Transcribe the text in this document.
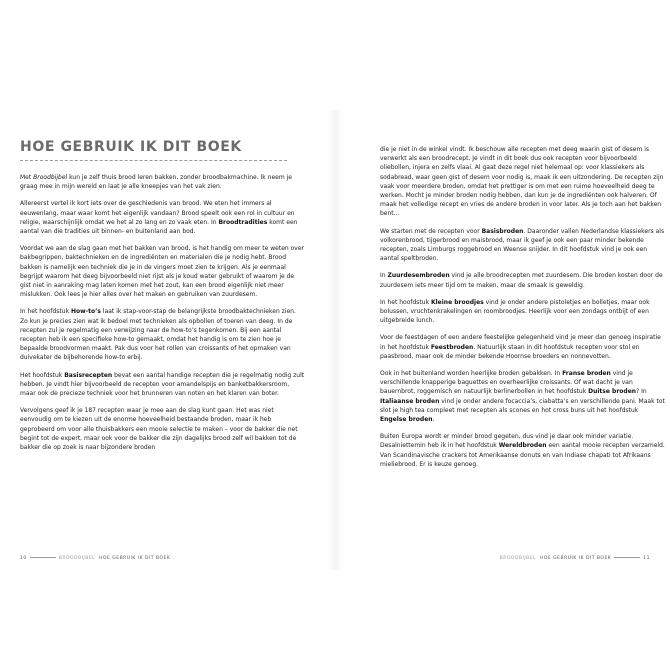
HOE GEBRUIK IK DIT BOEK

Met Broodbijbel kun je zelf thuis brood leren bakken, zonder broodbakmachine. Ik neem je graag mee in mijn wereld en laat je alle kneepjes van het vak zien.

Allereerst vertel ik kort iets over de geschiedenis van brood. We eten het immers al eeuwenlang, maar waar komt het eigenlijk vandaan? Brood speelt ook een rol in cultuur en religie, waarschijnlijk omdat we het al zo lang en zo vaak eten. In Broodtradities komt een aantal van die tradities uit binnen- en buitenland aan bod.

Voordat we aan de slag gaan met het bakken van brood, is het handig om meer te weten over bakbegrippen, baktechnieken en de ingrediënten en materialen die je nodig hebt. Brood bakken is namelijk een techniek die je in de vingers moet zien te krijgen. Als je eenmaal begrijpt waarom het deeg bijvoorbeeld niet rijst als je koud water gebruikt of waarom je de gist niet in aanraking mag laten komen met het zout, kan een brood eigenlijk niet meer mislukken. Ook lees je hier alles over het maken en gebruiken van zuurdesem.

In het hoofdstuk How-to’s laat ik stap-voor-stap de belangrijkste broodbaktechnieken zien. Zo kun je precies zien wat ik bedoel met technieken als opbollen of toeren van deeg. In de recepten zul je regelmatig een verwijzing naar de how-to’s tegenkomen. Bij een aantal recepten heb ik een specifieke how-to gemaakt, omdat het handig is om te zien hoe je bepaalde broodvormen maakt. Pak dus voor het rollen van croissants of het opmaken van duivekater de bijbehorende how-to erbij.

Het hoofdstuk Basisrecepten bevat een aantal handige recepten die je regelmatig nodig zult hebben. Je vindt hier bijvoorbeeld de recepten voor amandelspijs en banketbakkersroom, maar ook de precieze techniek voor het brunneren van noten en het klaren van boter.

Vervolgens geef ik je 187 recepten waar je mee aan de slag kunt gaan. Het was niet eenvoudig om te kiezen uit de enorme hoeveelheid bestaande broden, maar ik heb geprobeerd om voor alle thuisbakkers een mooie selectie te maken – voor de bakker die net begint tot de expert, maar ook voor de bakker die zijn dagelijks brood zelf wil bakken tot de bakker die op zoek is naar bijzondere broden

10	BROODBIJBEL HOE GEBRUIK IK DIT BOEK

die je niet in de winkel vindt. Ik beschouw alle recepten met deeg waarin gist of desem is verwerkt als een broodrecept. Je vindt in dit boek dus ook recepten voor bijvoorbeeld oliebollen, injera en zelfs vlaai. Al gaat deze regel niet helemaal op: voor klassiekers als sodabread, waar geen gist of desem voor nodig is, maak ik een uitzondering. De recepten zijn vaak voor meerdere broden, omdat het prettiger is om met een ruime hoeveelheid deeg te werken. Mocht je minder broden nodig hebben, dan kun je de ingrediënten ook halveren. Of maak het volledige recept en vries de andere broden in voor later. Als je toch aan het bakken bent…

We starten met de recepten voor Basisbroden. Daaronder vallen Nederlandse klassiekers als volkorenbrood, tijgerbrood en maisbrood, maar ik geef je ook een paar minder bekende recepten, zoals Limburgs roggebrood en Weense snijder. In dit hoofdstuk vind je ook een aantal speltbroden.

In Zuurdesembroden vind je alle broodrecepten met zuurdesem. Die broden kosten door de zuurdesem iets meer tijd om te maken, maar de smaak is geweldig.

In het hoofdstuk Kleine broodjes vind je onder andere pistoletjes en bolletjes, maar ook bolussen, vruchtenkrakelingen en roombroodjes. Heerlijk voor een zondags ontbijt of een uitgebreide lunch.

Voor de feestdagen of een andere feestelijke gelegenheid vind je meer dan genoeg inspiratie in het hoofdstuk Feestbroden. Natuurlijk staan in dit hoofdstuk recepten voor stol en paasbrood, maar ook de minder bekende Hoornse broeders en nonnevotten.

Ook in het buitenland worden heerlijke broden gebakken. In Franse broden vind je verschillende knapperige baguettes en overheerlijke croissants. Of wat dacht je van bauernbrot, roggemisch en natuurlijk berlinerbollen in het hoofdstuk Duitse broden? In Italiaanse broden vind je onder andere focaccia’s, ciabatta’s en verschillende pani. Maak tot slot je high tea compleet met recepten als scones en hot cross buns uit het hoofdstuk Engelse broden.

Buiten Europa wordt er minder brood gegeten, dus vind je daar ook minder variatie. Desalniettemin heb ik in het hoofdstuk Wereldbroden een aantal mooie recepten verzameld. Van Scandinavische crackers tot Amerikaanse donuts en van Indiase chapati tot Afrikaans mieliebrood. Er is keuze genoeg.

BROODBIJBEL HOE GEBRUIK IK DIT BOEK	11
